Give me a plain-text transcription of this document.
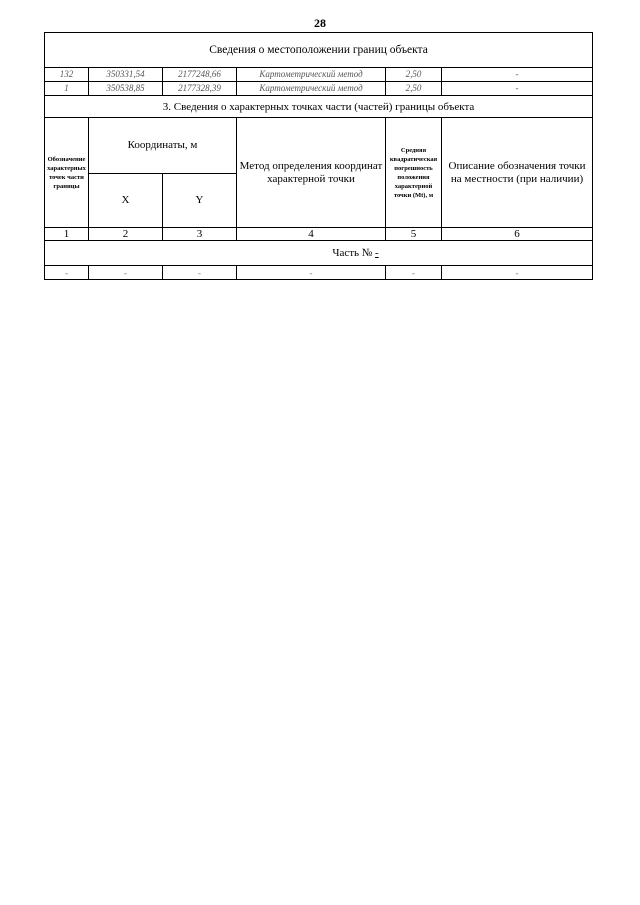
28
Сведения о местоположении границ объекта					
132	350331,54	2177248,66	Картометрический метод	2,50	-
1	350538,85	2177328,39	Картометрический метод	2,50	-
3. Сведения о характерных точках части (частей) границы объекта					
Обозначение характерных точек части границы	Координаты, м		Метод определения координат характерной точки	Средняя квадратическая погрешность положения характерной точки (Mt), м	Описание обозначения точки на местности (при наличии)
	X	Y			
1	2	3	4	5	6
Часть № -					
-	-	-	-	-	-
